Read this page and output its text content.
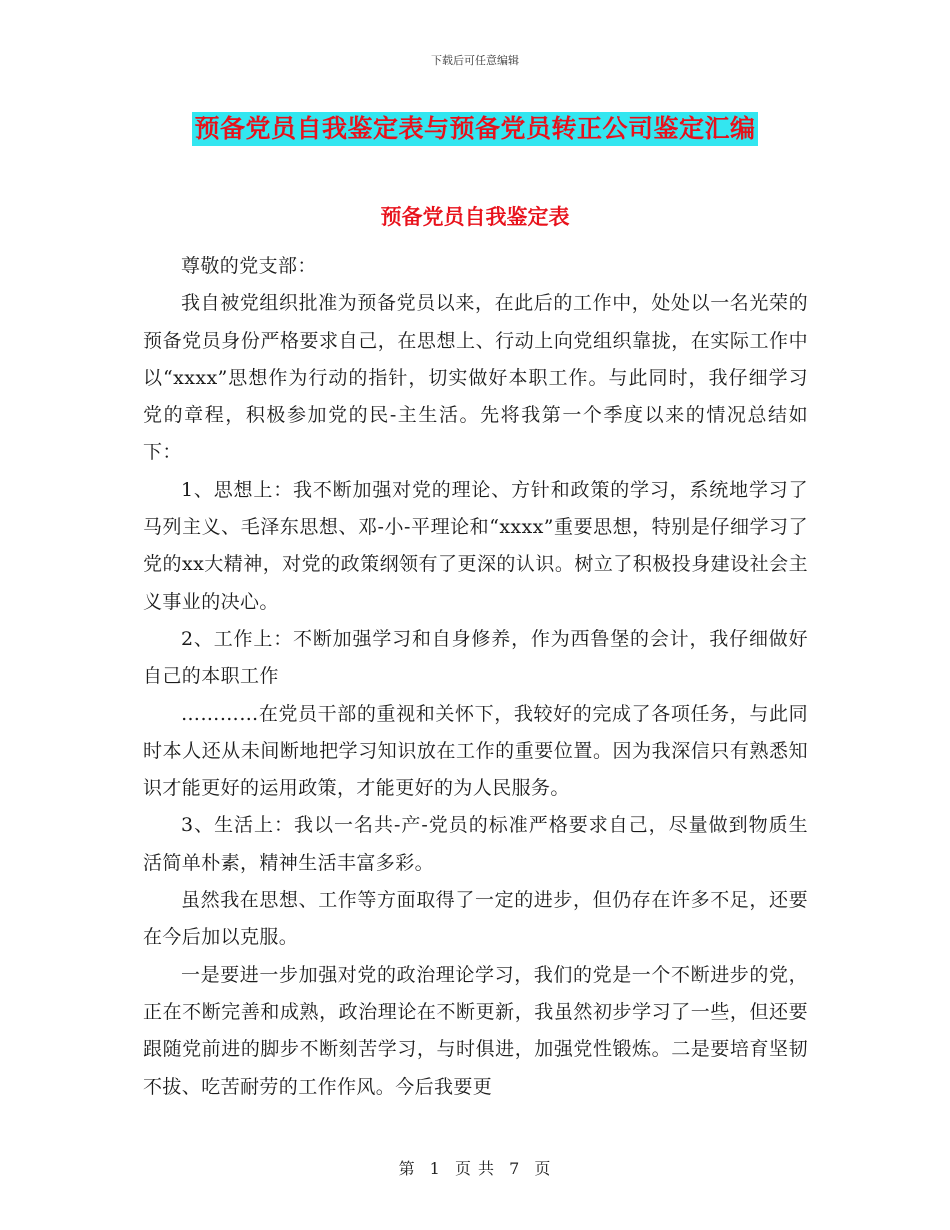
下载后可任意编辑
预备党员自我鉴定表与预备党员转正公司鉴定汇编
预备党员自我鉴定表

尊敬的党支部：

我自被党组织批准为预备党员以来，在此后的工作中，处处以一名光荣的预备党员身份严格要求自己，在思想上、行动上向党组织靠拢，在实际工作中以“xxxx”思想作为行动的指针，切实做好本职工作。与此同时，我仔细学习党的章程，积极参加党的民-主生活。先将我第一个季度以来的情况总结如下：

1、思想上：我不断加强对党的理论、方针和政策的学习，系统地学习了马列主义、毛泽东思想、邓-小-平理论和“xxxx”重要思想，特别是仔细学习了党的xx大精神，对党的政策纲领有了更深的认识。树立了积极投身建设社会主义事业的决心。

2、工作上：不断加强学习和自身修养，作为西鲁堡的会计，我仔细做好自己的本职工作

…………在党员干部的重视和关怀下，我较好的完成了各项任务，与此同时本人还从未间断地把学习知识放在工作的重要位置。因为我深信只有熟悉知识才能更好的运用政策，才能更好的为人民服务。

3、生活上：我以一名共-产-党员的标准严格要求自己，尽量做到物质生活简单朴素，精神生活丰富多彩。

虽然我在思想、工作等方面取得了一定的进步，但仍存在许多不足，还要在今后加以克服。

一是要进一步加强对党的政治理论学习，我们的党是一个不断进步的党，正在不断完善和成熟，政治理论在不断更新，我虽然初步学习了一些，但还要跟随党前进的脚步不断刻苦学习，与时俱进，加强党性锻炼。二是要培育坚韧不拔、吃苦耐劳的工作作风。今后我要更

第 1 页 共 7 页
